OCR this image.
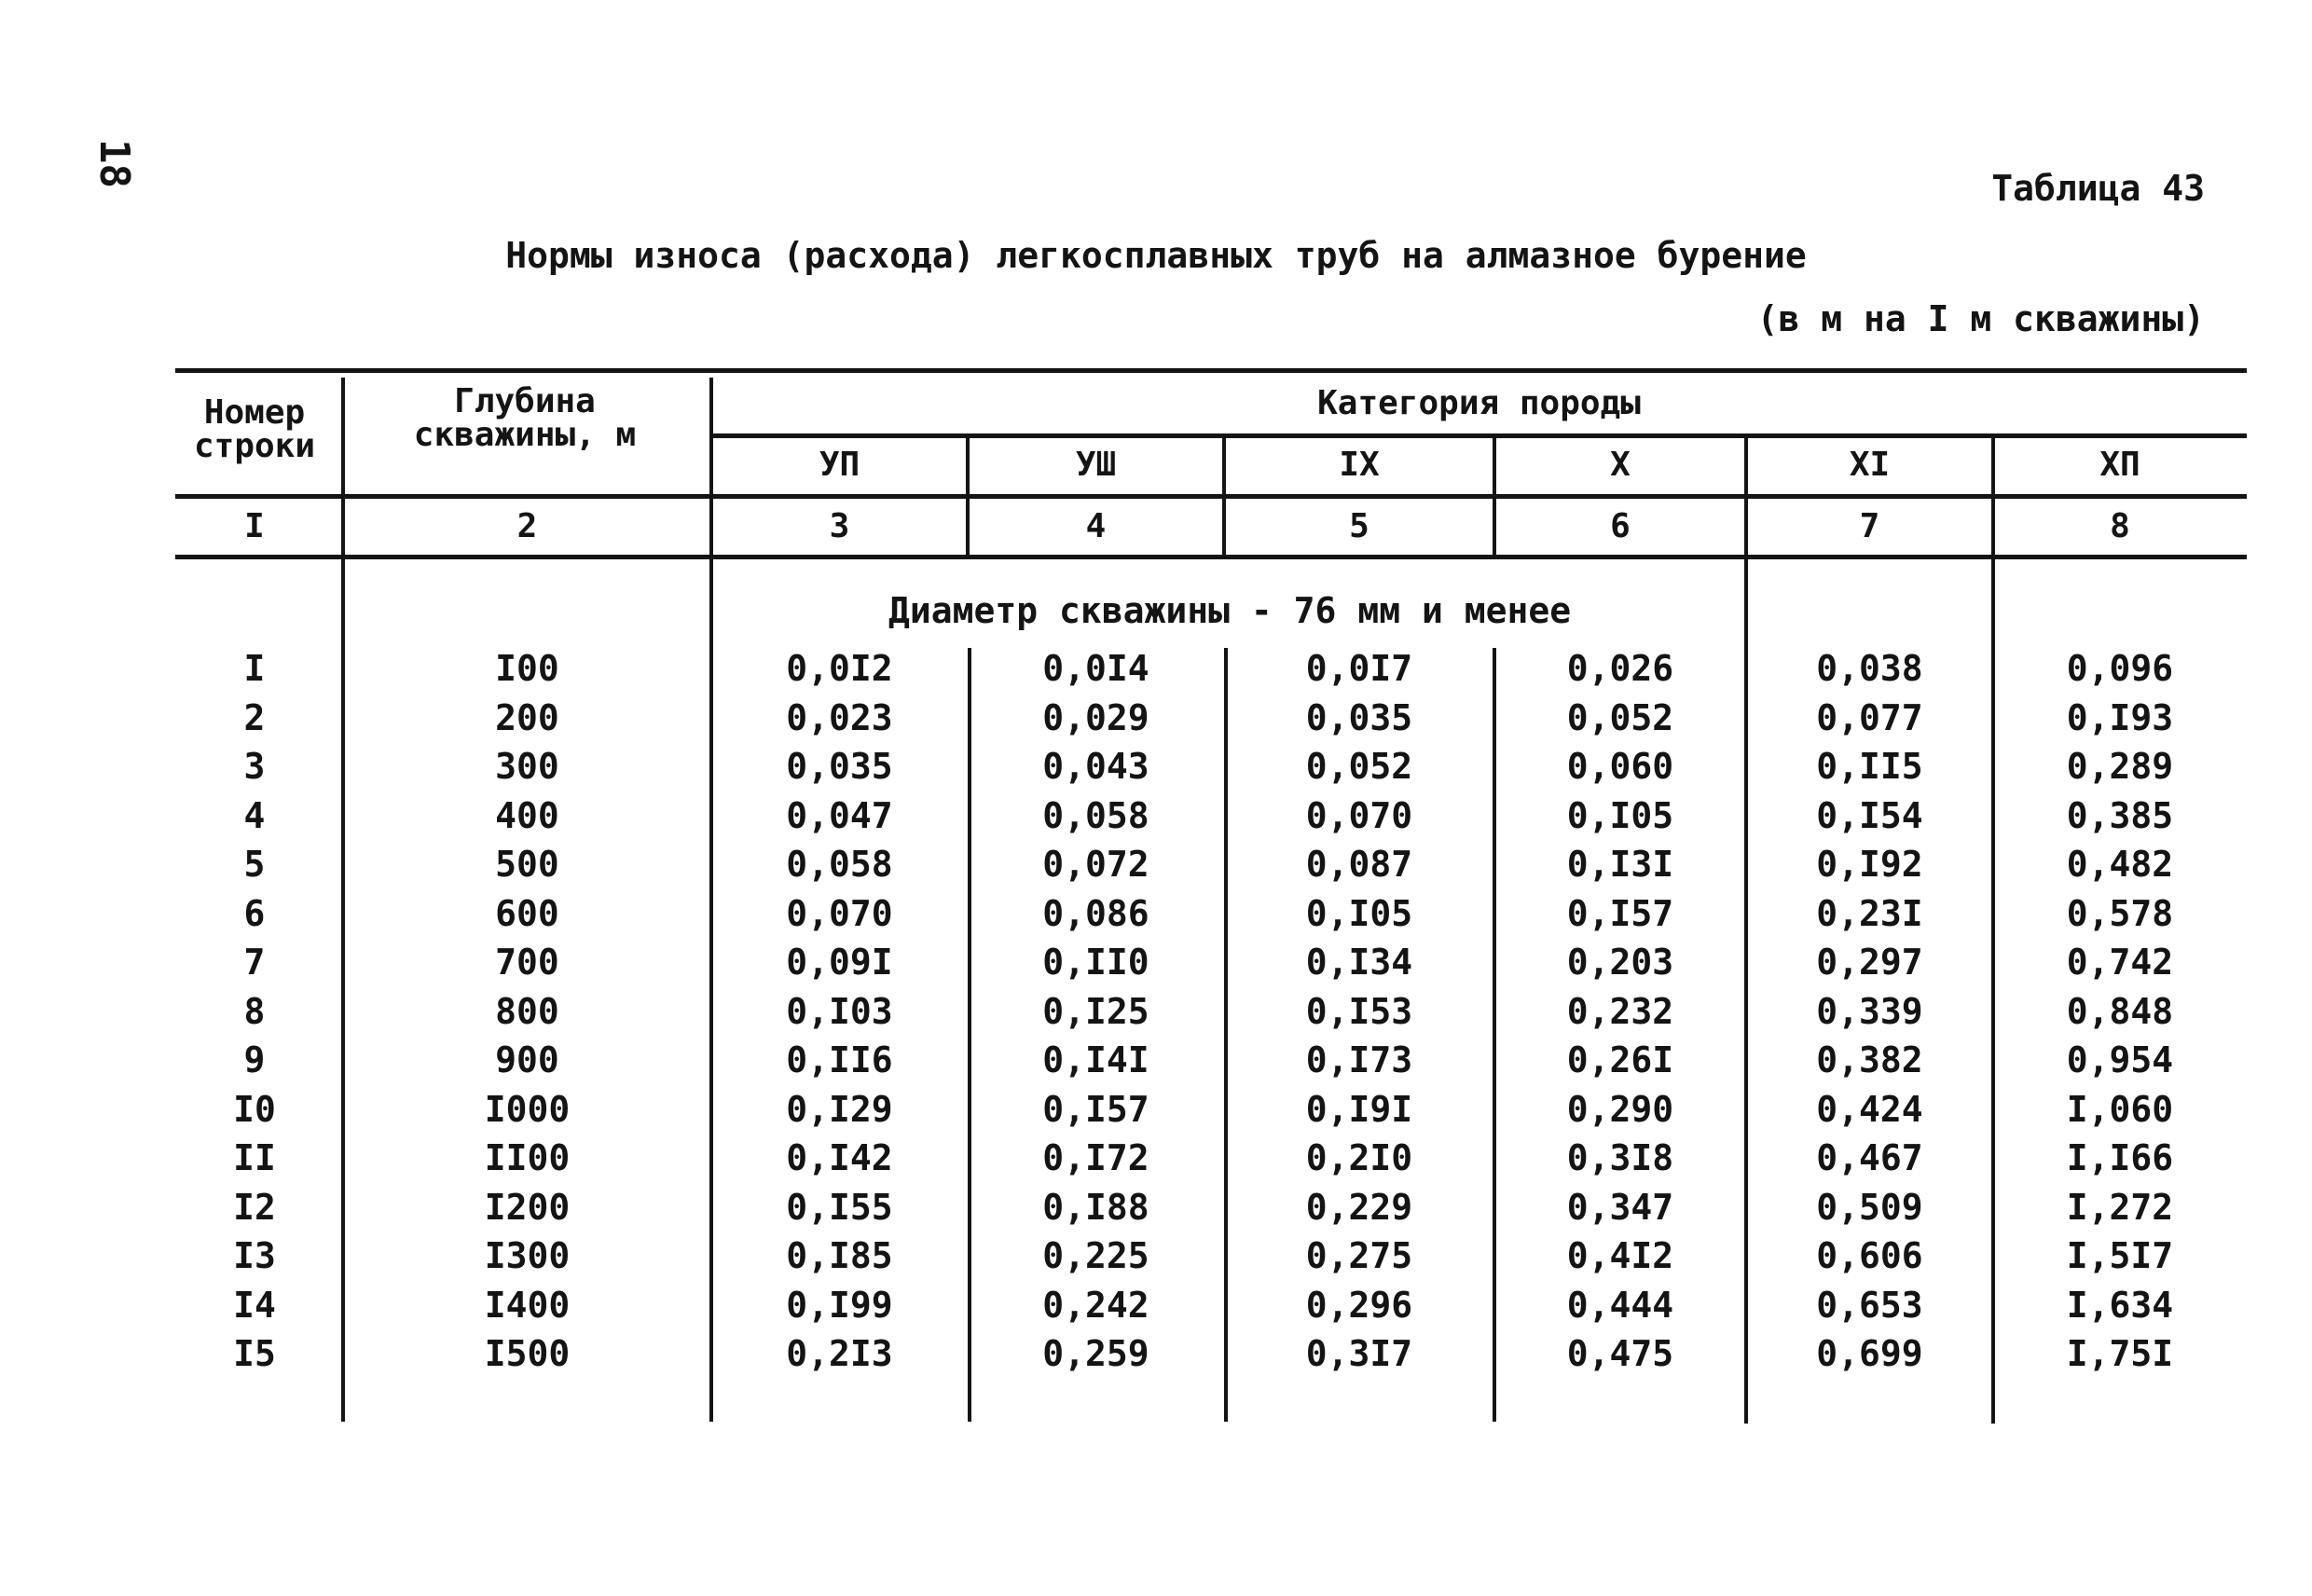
18
Таблица 43
Нормы износа (расхода) легкосплавных труб на алмазное бурение
(в м на I м скважины)
Номер строки
Глубина скважины, м
Категория породы
УП	УШ	IX	X	XI	ХП
I	2	3	4	5	6	7	8
Диаметр скважины - 76 мм и менее
I	I00	0,0I2	0,0I4	0,0I7	0,026	0,038	0,096
2	200	0,023	0,029	0,035	0,052	0,077	0,I93
3	300	0,035	0,043	0,052	0,060	0,II5	0,289
4	400	0,047	0,058	0,070	0,I05	0,I54	0,385
5	500	0,058	0,072	0,087	0,I3I	0,I92	0,482
6	600	0,070	0,086	0,I05	0,I57	0,23I	0,578
7	700	0,09I	0,II0	0,I34	0,203	0,297	0,742
8	800	0,I03	0,I25	0,I53	0,232	0,339	0,848
9	900	0,II6	0,I4I	0,I73	0,26I	0,382	0,954
I0	I000	0,I29	0,I57	0,I9I	0,290	0,424	I,060
II	II00	0,I42	0,I72	0,2I0	0,3I8	0,467	I,I66
I2	I200	0,I55	0,I88	0,229	0,347	0,509	I,272
I3	I300	0,I85	0,225	0,275	0,4I2	0,606	I,5I7
I4	I400	0,I99	0,242	0,296	0,444	0,653	I,634
I5	I500	0,2I3	0,259	0,3I7	0,475	0,699	I,75I
